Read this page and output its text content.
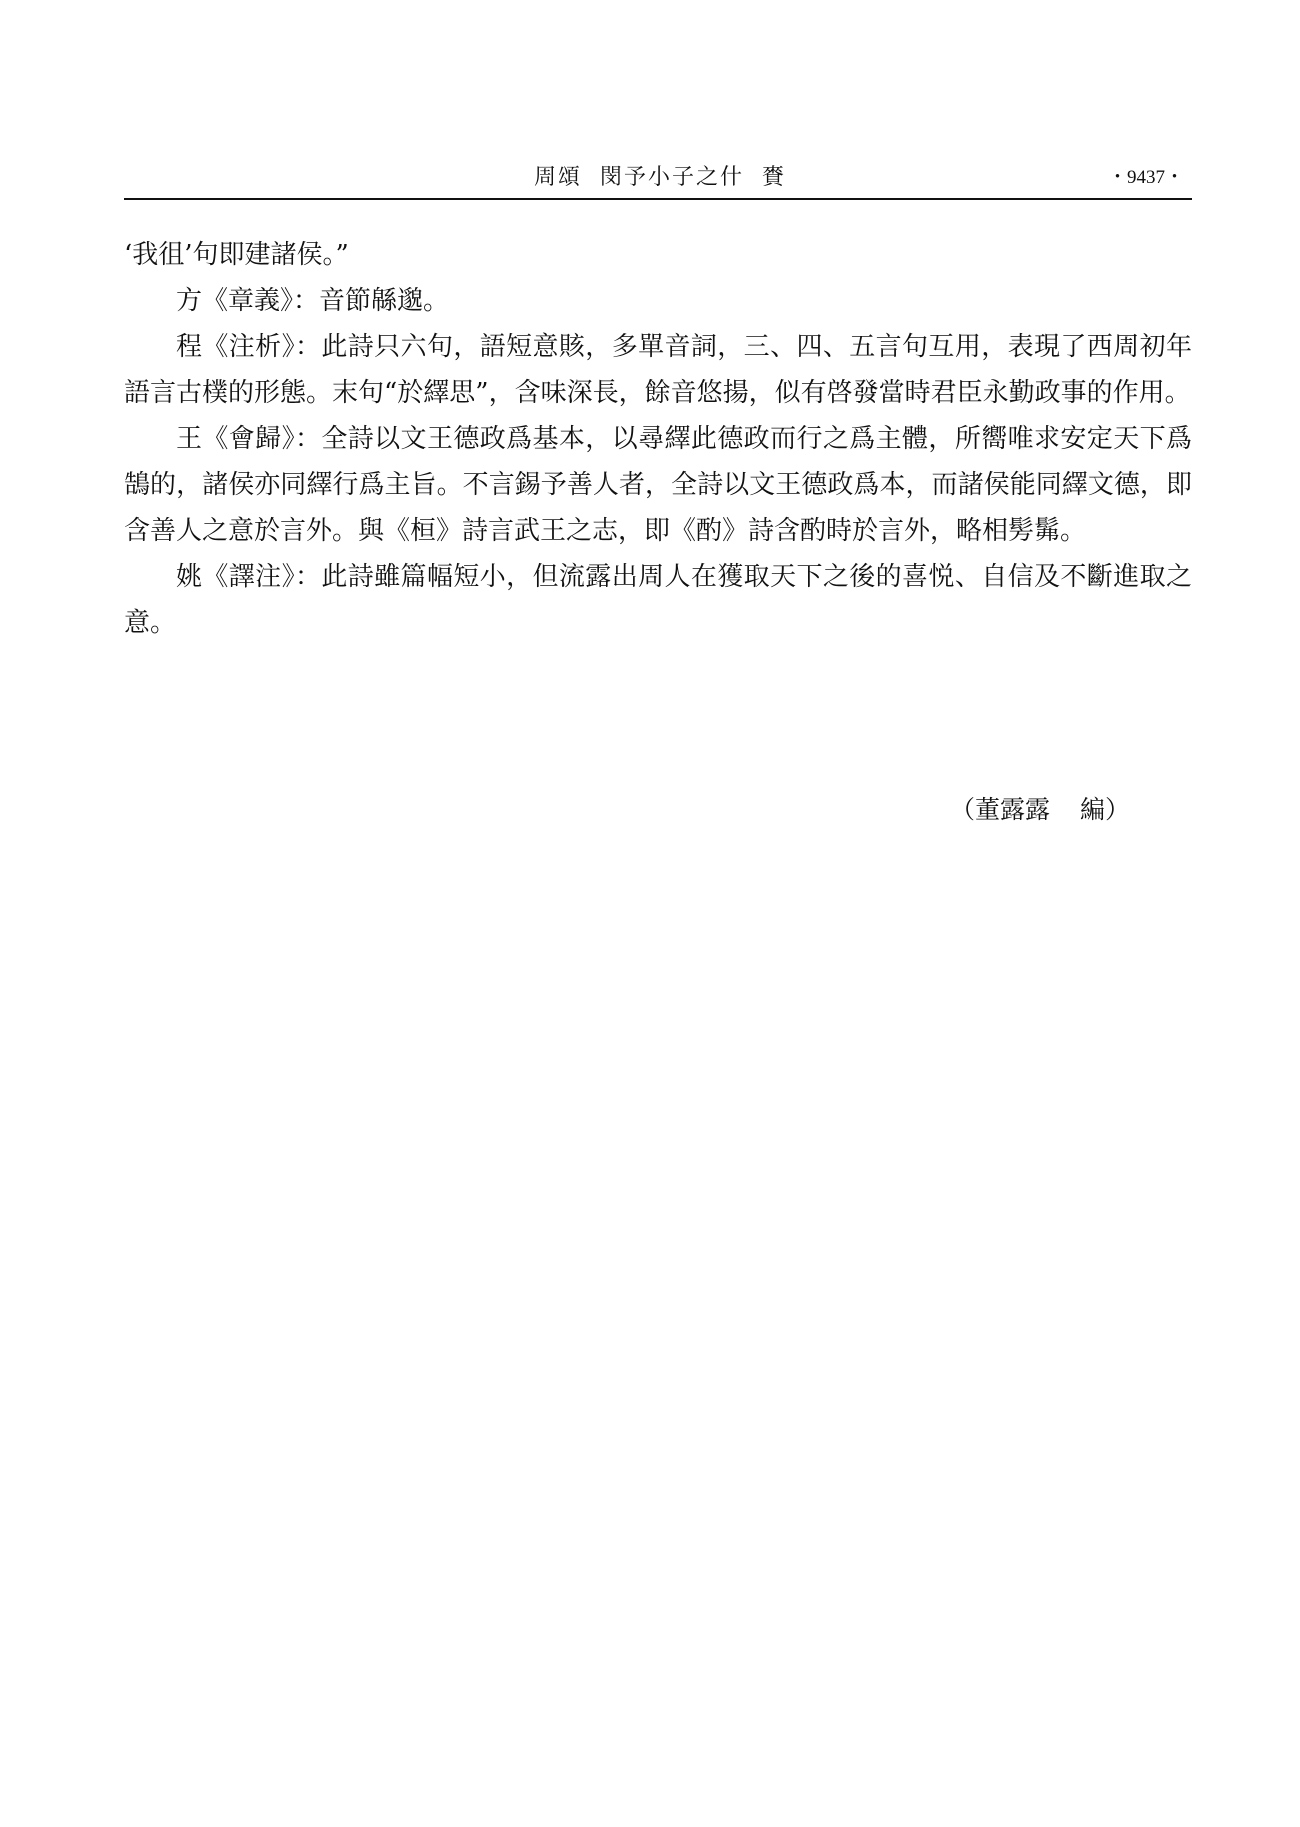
周頌 閔予小子之什 賚	・9437・

‘我徂’句即建諸侯。”

方《章義》：音節緜邈。

程《注析》：此詩只六句，語短意賅，多單音詞，三、四、五言句互用，表現了西周初年語言古樸的形態。末句“於繹思”，含味深長，餘音悠揚，似有啓發當時君臣永勤政事的作用。

王《會歸》：全詩以文王德政爲基本，以尋繹此德政而行之爲主體，所嚮唯求安定天下爲鵠的，諸侯亦同繹行爲主旨。不言錫予善人者，全詩以文王德政爲本，而諸侯能同繹文德，即含善人之意於言外。與《桓》詩言武王之志，即《酌》詩含酌時於言外，略相髣髴。

姚《譯注》：此詩雖篇幅短小，但流露出周人在獲取天下之後的喜悦、自信及不斷進取之意。

（董露露 編）
